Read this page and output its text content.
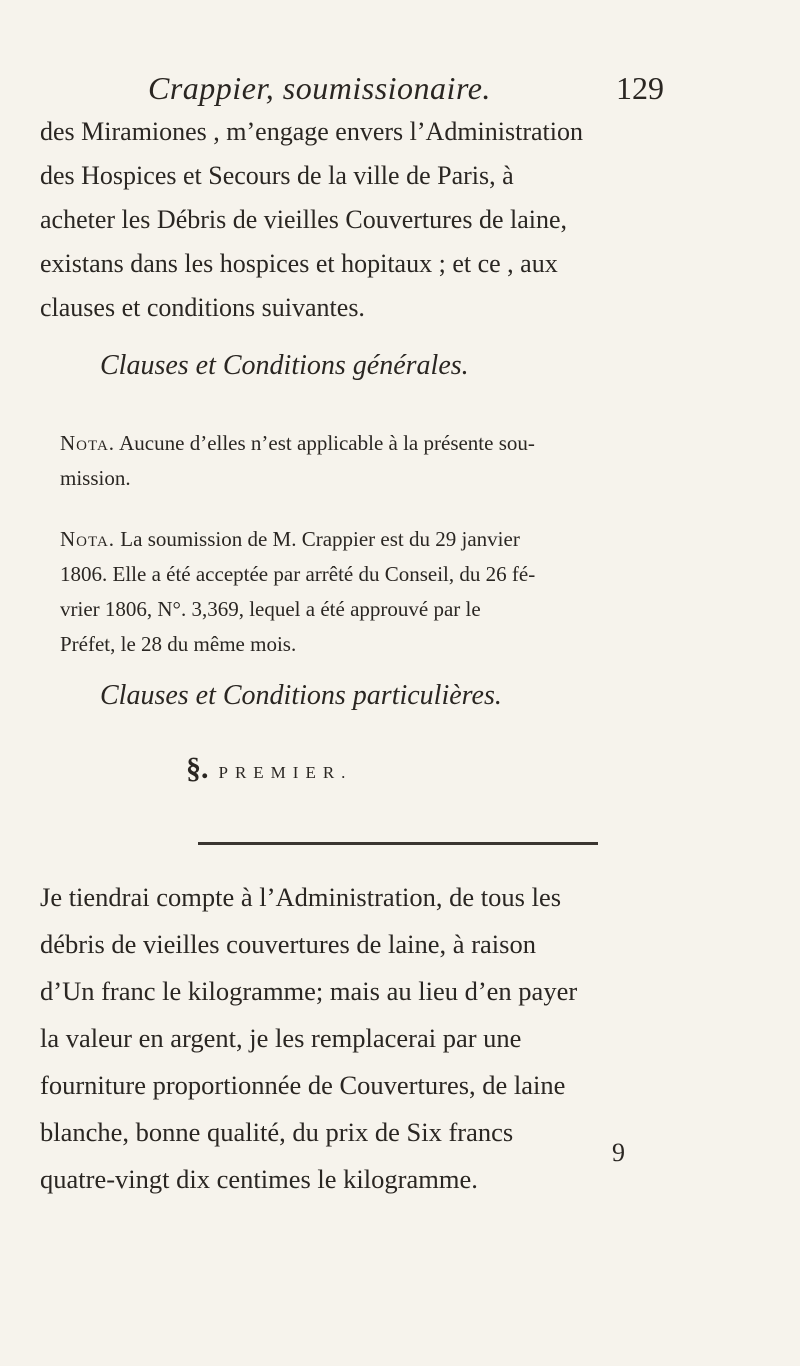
Crappier, soumissionaire.	129
des Miramiones , m’engage envers l’Administration
des Hospices et Secours de la ville de Paris, à
acheter les Débris de vieilles Couvertures de laine,
existans dans les hospices et hopitaux ; et ce , aux
clauses et conditions suivantes.
Clauses et Conditions générales.
Nota. Aucune d’elles n’est applicable à la présente sou-
mission.
Nota. La soumission de M. Crappier est du 29 janvier
1806. Elle a été acceptée par arrêté du Conseil, du 26 fé-
vrier 1806, N°. 3,369, lequel a été approuvé par le
Préfet, le 28 du même mois.
Clauses et Conditions particulières.
§. PREMIER.
Je tiendrai compte à l’Administration, de tous les
débris de vieilles couvertures de laine, à raison
d’Un franc le kilogramme; mais au lieu d’en payer
la valeur en argent, je les remplacerai par une
fourniture proportionnée de Couvertures, de laine
blanche, bonne qualité, du prix de Six francs
quatre-vingt dix centimes le kilogramme.
9
